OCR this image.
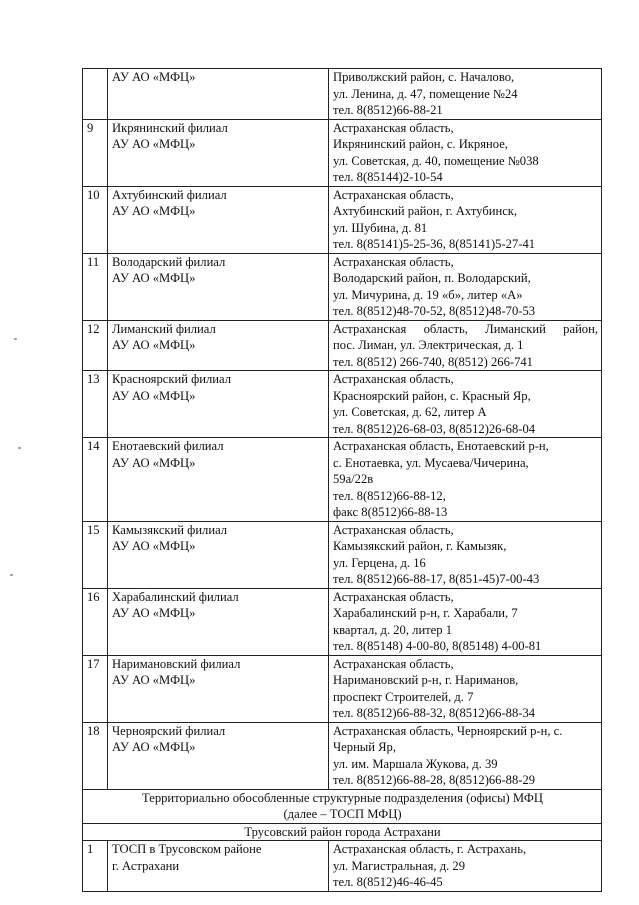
	АУ АО «МФЦ»	Приволжский район, с. Началово,
ул. Ленина, д. 47, помещение №24
тел. 8(8512)66-88-21

9	Икрянинский филиал
АУ АО «МФЦ»	Астраханская область,
Икрянинский район, с. Икряное,
ул. Советская, д. 40, помещение №038
тел. 8(85144)2-10-54

10	Ахтубинский филиал
АУ АО «МФЦ»	Астраханская область,
Ахтубинский район, г. Ахтубинск,
ул. Шубина, д. 81
тел. 8(85141)5-25-36, 8(85141)5-27-41

11	Володарский филиал
АУ АО «МФЦ»	Астраханская область,
Володарский район, п. Володарский,
ул. Мичурина, д. 19 «б», литер «А»
тел. 8(8512)48-70-52, 8(8512)48-70-53

12	Лиманский филиал
АУ АО «МФЦ»	Астраханская область, Лиманский район,
пос. Лиман, ул. Электрическая, д. 1
тел. 8(8512) 266-740, 8(8512) 266-741

13	Красноярский филиал
АУ АО «МФЦ»	Астраханская область,
Красноярский район, с. Красный Яр,
ул. Советская, д. 62, литер А
тел. 8(8512)26-68-03, 8(8512)26-68-04

14	Енотаевский филиал
АУ АО «МФЦ»	Астраханская область, Енотаевский р-н,
с. Енотаевка, ул. Мусаева/Чичерина,
59а/22в
тел. 8(8512)66-88-12,
факс 8(8512)66-88-13

15	Камызякский филиал
АУ АО «МФЦ»	Астраханская область,
Камызякский район, г. Камызяк,
ул. Герцена, д. 16
тел. 8(8512)66-88-17, 8(851-45)7-00-43

16	Харабалинский филиал
АУ АО «МФЦ»	Астраханская область,
Харабалинский р-н, г. Харабали, 7
квартал, д. 20, литер 1
тел. 8(85148) 4-00-80, 8(85148) 4-00-81

17	Наримановский филиал
АУ АО «МФЦ»	Астраханская область,
Наримановский р-н, г. Нариманов,
проспект Строителей, д. 7
тел. 8(8512)66-88-32, 8(8512)66-88-34

18	Черноярский филиал
АУ АО «МФЦ»	Астраханская область, Черноярский р-н, с.
Черный Яр,
ул. им. Маршала Жукова, д. 39
тел. 8(8512)66-88-28, 8(8512)66-88-29

Территориально обособленные структурные подразделения (офисы) МФЦ
(далее – ТОСП МФЦ)		

Трусовский район города Астрахани		
1	ТОСП в Трусовском районе
г. Астрахани	Астраханская область, г. Астрахань,
ул. Магистральная, д. 29
тел. 8(8512)46-46-45
